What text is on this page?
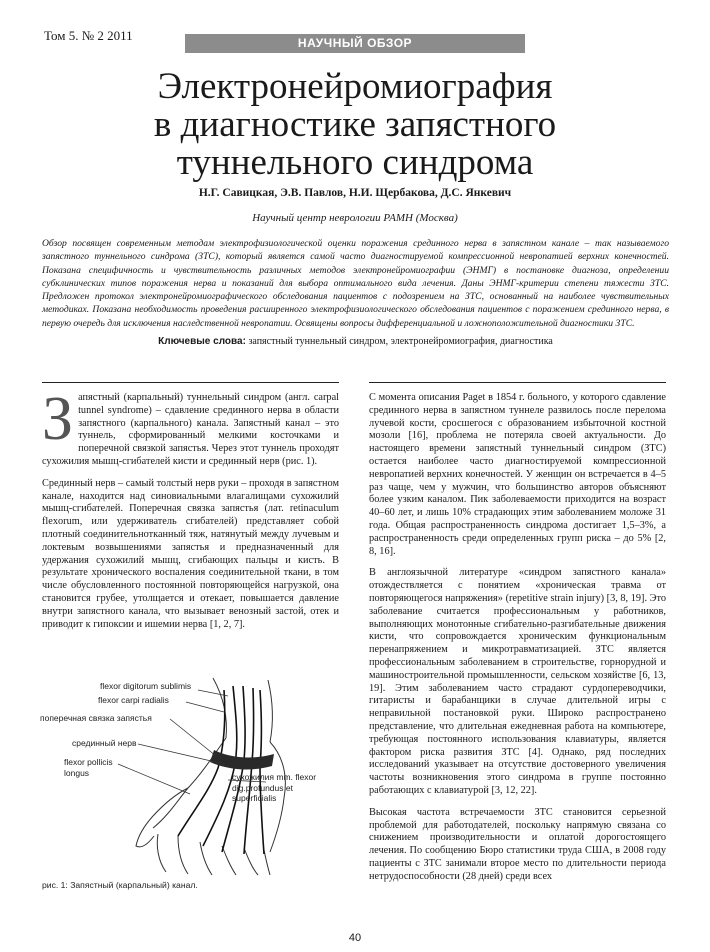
Том 5. № 2 2011	НАУЧНЫЙ ОБЗОР
Электронейромиография
в диагностике запястного
туннельного синдрома
Н.Г. Савицкая, Э.В. Павлов, Н.И. Щербакова, Д.С. Янкевич
Научный центр неврологии РАМН (Москва)
Обзор посвящен современным методам электрофизиологической оценки поражения срединного нерва в запястном канале – так называемого запястного туннельного синдрома (ЗТС), который является самой часто диагностируемой компрессионной невропатией верхних конечностей. Показана специфичность и чувствительность различных методов электронейромиографии (ЭНМГ) в постановке диагноза, определении субклинических типов поражения нерва и показаний для выбора оптимального вида лечения. Даны ЭНМГ-критерии степени тяжести ЗТС. Предложен протокол электронейромиографического обследования пациентов с подозрением на ЗТС, основанный на наиболее чувствительных методиках. Показана необходимость проведения расширенного электрофизиологического обследования пациентов с поражением срединного нерва, в первую очередь для исключения наследственной невропатии. Освящены вопросы дифференциальной и ложноположительной диагностики ЗТС.
Ключевые слова: запястный туннельный синдром, электронейромиография, диагностика

Запястный (карпальный) туннельный синдром (англ. carpal tunnel syndrome) – сдавление срединного нерва в области запястного (карпального) канала. Запястный канал – это туннель, сформированный мелкими косточками и поперечной связкой запястья. Через этот туннель проходят сухожилия мышц-сгибателей кисти и срединный нерв (рис. 1).

Срединный нерв – самый толстый нерв руки – проходя в запястном канале, находится над синовиальными влагалищами сухожилий мышц-сгибателей. Поперечная связка запястья (лат. retinaculum flexorum, или удерживатель сгибателей) представляет собой плотный соединительнотканный тяж, натянутый между лучевым и локтевым возвышениями запястья и предназначенный для удержания сухожилий мышц, сгибающих пальцы и кисть. В результате хронического воспаления соединительной ткани, в том числе обусловленного постоянной повторяющейся нагрузкой, она становится грубее, утолщается и отекает, повышается давление внутри запястного канала, что вызывает венозный застой, отек и приводит к гипоксии и ишемии нерва [1, 2, 7].

flexor digitorum sublimis
flexor carpi radialis
поперечная связка запястья
срединный нерв
flexor pollicis
longus	сухожилия mm. flexor
dig.profundus et
superficialis
рис. 1: Запястный (карпальный) канал.

С момента описания Paget в 1854 г. больного, у которого сдавление срединного нерва в запястном туннеле развилось после перелома лучевой кости, сросшегося с образованием избыточной костной мозоли [16], проблема не потеряла своей актуальности. До настоящего времени запястный туннельный синдром (ЗТС) остается наиболее часто диагностируемой компрессионной невропатией верхних конечностей. У женщин он встречается в 4–5 раз чаще, чем у мужчин, что большинство авторов объясняют более узким каналом. Пик заболеваемости приходится на возраст 40–60 лет, и лишь 10% страдающих этим заболеванием моложе 31 года. Общая распространенность синдрома достигает 1,5–3%, а распространенность среди определенных групп риска – до 5% [2, 8, 16].

В англоязычной литературе «синдром запястного канала» отождествляется с понятием «хроническая травма от повторяющегося напряжения» (repetitive strain injury) [3, 8, 19]. Это заболевание считается профессиональным у работников, выполняющих монотонные сгибательно-разгибательные движения кисти, что сопровождается хроническим функциональным перенапряжением и микротравматизацией. ЗТС является профессиональным заболеванием в строительстве, горнорудной и машиностроительной промышленности, сельском хозяйстве [6, 13, 19]. Этим заболеванием часто страдают сурдопереводчики, гитаристы и барабанщики в случае длительной игры с неправильной постановкой руки. Широко распространено представление, что длительная ежедневная работа на компьютере, требующая постоянного использования клавиатуры, является фактором риска развития ЗТС [4]. Однако, ряд последних исследований указывает на отсутствие достоверного увеличения частоты возникновения этого синдрома в группе постоянно работающих с клавиатурой [3, 12, 22].

Высокая частота встречаемости ЗТС становится серьезной проблемой для работодателей, поскольку напрямую связана со снижением производительности и оплатой дорогостоящего лечения. По сообщению Бюро статистики труда США, в 2008 году пациенты с ЗТС занимали второе место по длительности периода нетрудоспособности (28 дней) среди всех

40
